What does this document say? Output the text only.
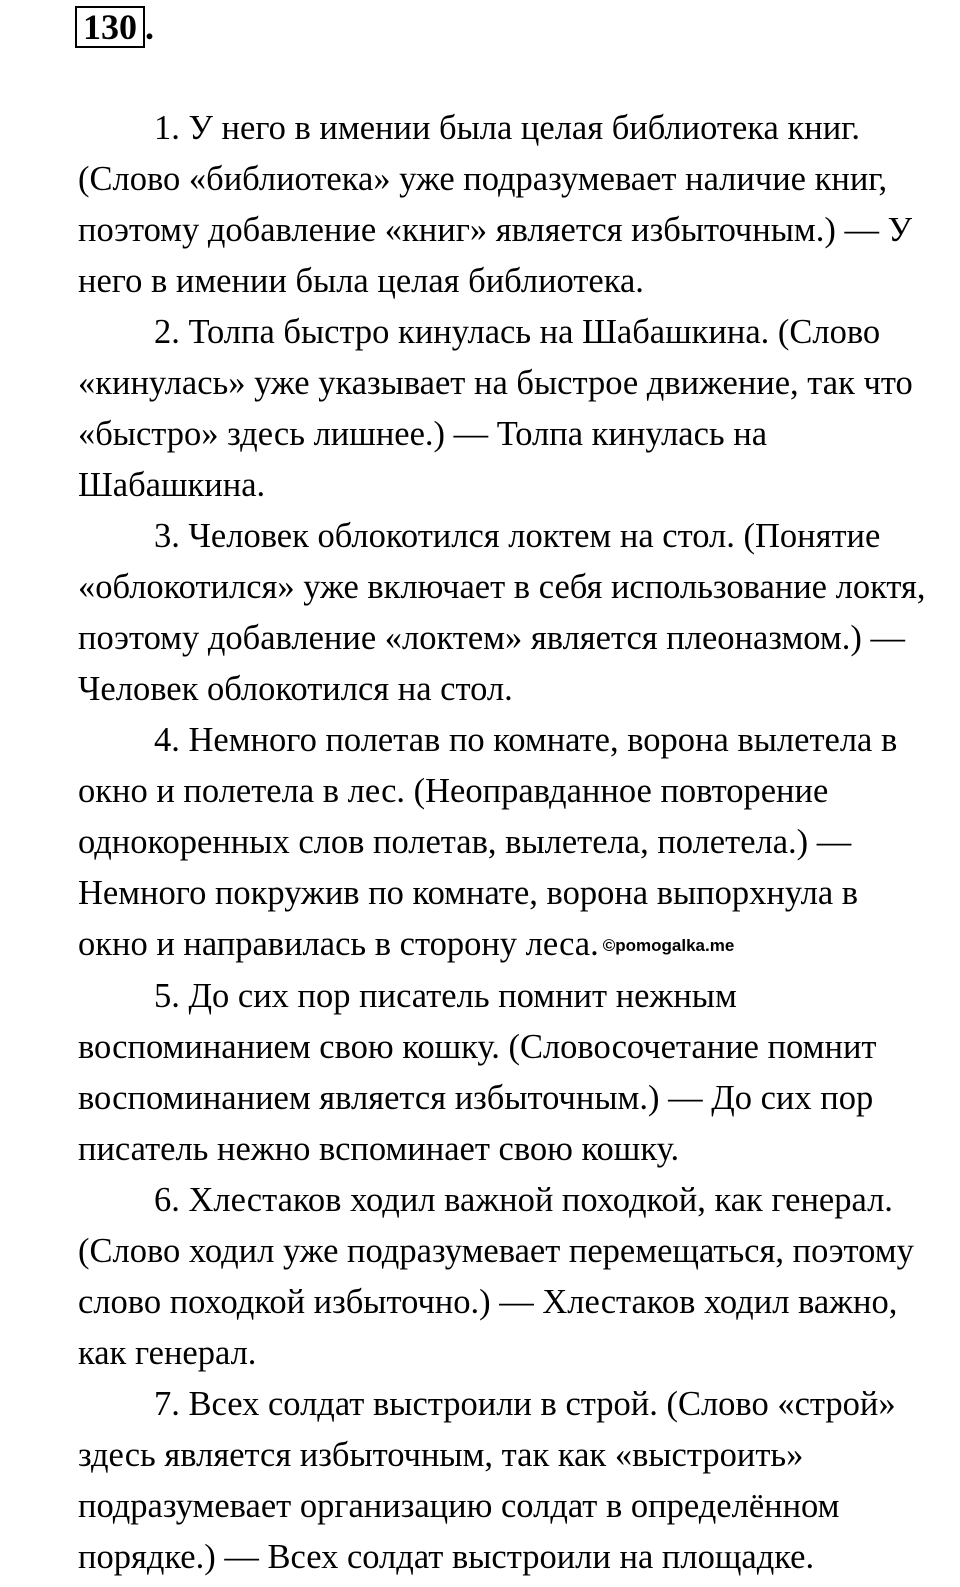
130 .
1. У него в имении была целая библиотека книг.
(Слово «библиотека» уже подразумевает наличие книг,
поэтому добавление «книг» является избыточным.) — У
него в имении была целая библиотека.
2. Толпа быстро кинулась на Шабашкина. (Слово
«кинулась» уже указывает на быстрое движение, так что
«быстро» здесь лишнее.) — Толпа кинулась на
Шабашкина.
3. Человек облокотился локтем на стол. (Понятие
«облокотился» уже включает в себя использование локтя,
поэтому добавление «локтем» является плеоназмом.) —
Человек облокотился на стол.
4. Немного полетав по комнате, ворона вылетела в
окно и полетела в лес. (Неоправданное повторение
однокоренных слов полетав, вылетела, полетела.) —
Немного покружив по комнате, ворона выпорхнула в
окно и направилась в сторону леса. ©pomogalka.me
5. До сих пор писатель помнит нежным
воспоминанием свою кошку. (Словосочетание помнит
воспоминанием является избыточным.) — До сих пор
писатель нежно вспоминает свою кошку.
6. Хлестаков ходил важной походкой, как генерал.
(Слово ходил уже подразумевает перемещаться, поэтому
слово походкой избыточно.) — Хлестаков ходил важно,
как генерал.
7. Всех солдат выстроили в строй. (Слово «строй»
здесь является избыточным, так как «выстроить»
подразумевает организацию солдат в определённом
порядке.) — Всех солдат выстроили на площадке.
